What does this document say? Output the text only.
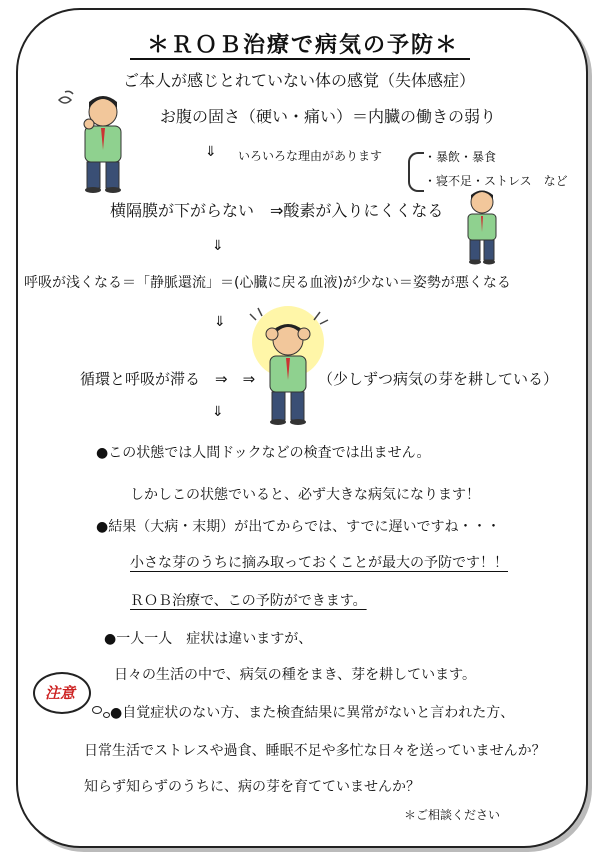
＊ＲＯＢ治療で病気の予防＊
ご本人が感じとれていない体の感覚（失体感症）
お腹の固さ（硬い・痛い）＝内臓の働きの弱り
⇓ いろいろな理由があります	・暴飲・暴食
・寝不足・ストレス　など
横隔膜が下がらない　⇒酸素が入りにくくなる
⇓
呼吸が浅くなる＝「静脈還流」＝(心臓に戻る血液)が少ない＝姿勢が悪くなる
⇓
循環と呼吸が滞る　⇒　⇒	（少しずつ病気の芽を耕している）
⇓
● この状態では人間ドックなどの検査では出ません。
しかしこの状態でいると、必ず大きな病気になります！
● 結果（大病・末期）が出てからでは、すでに遅いですね・・・
小さな芽のうちに摘み取っておくことが最大の予防です！！
ＲＯＢ治療で、この予防ができます。
● 一人一人　症状は違いますが、
日々の生活の中で、病気の種をまき、芽を耕しています。
注意
● 自覚症状のない方、また検査結果に異常がないと言われた方、
日常生活でストレスや過食、睡眠不足や多忙な日々を送っていませんか？
知らず知らずのうちに、病の芽を育てていませんか？
＊ご相談ください
